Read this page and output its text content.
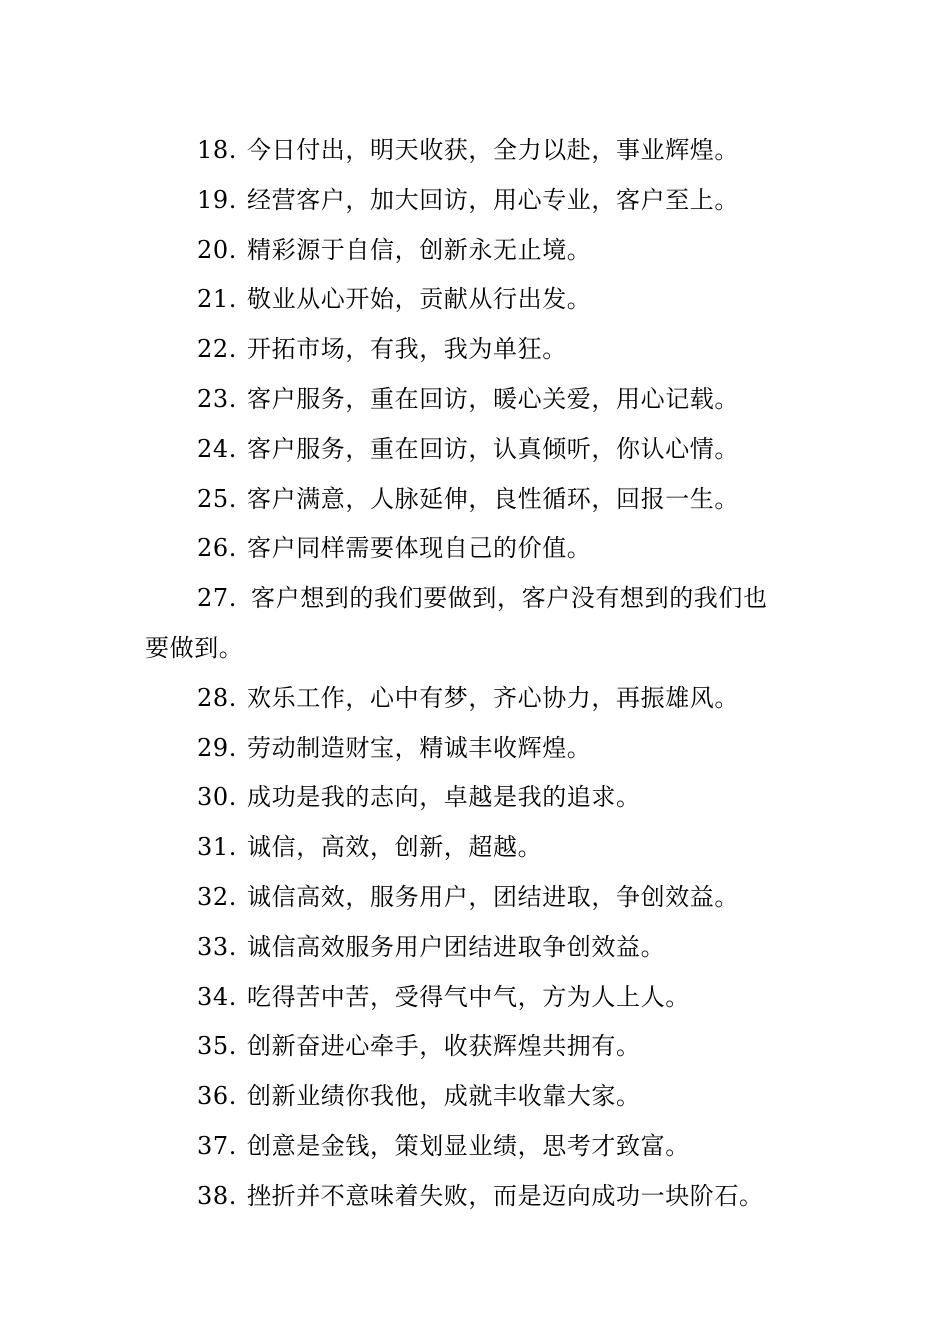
18. 今日付出，明天收获，全力以赴，事业辉煌。
19. 经营客户，加大回访，用心专业，客户至上。
20. 精彩源于自信，创新永无止境。
21. 敬业从心开始，贡献从行出发。
22. 开拓市场，有我，我为单狂。
23. 客户服务，重在回访，暖心关爱，用心记载。
24. 客户服务，重在回访，认真倾听，你认心情。
25. 客户满意，人脉延伸，良性循环，回报一生。
26. 客户同样需要体现自己的价值。
27. 客户想到的我们要做到，客户没有想到的我们也
要做到。
28. 欢乐工作，心中有梦，齐心协力，再振雄风。
29. 劳动制造财宝，精诚丰收辉煌。
30. 成功是我的志向，卓越是我的追求。
31. 诚信，高效，创新，超越。
32. 诚信高效，服务用户，团结进取，争创效益。
33. 诚信高效服务用户团结进取争创效益。
34. 吃得苦中苦，受得气中气，方为人上人。
35. 创新奋进心牵手，收获辉煌共拥有。
36. 创新业绩你我他，成就丰收靠大家。
37. 创意是金钱，策划显业绩，思考才致富。
38. 挫折并不意味着失败，而是迈向成功一块阶石。
